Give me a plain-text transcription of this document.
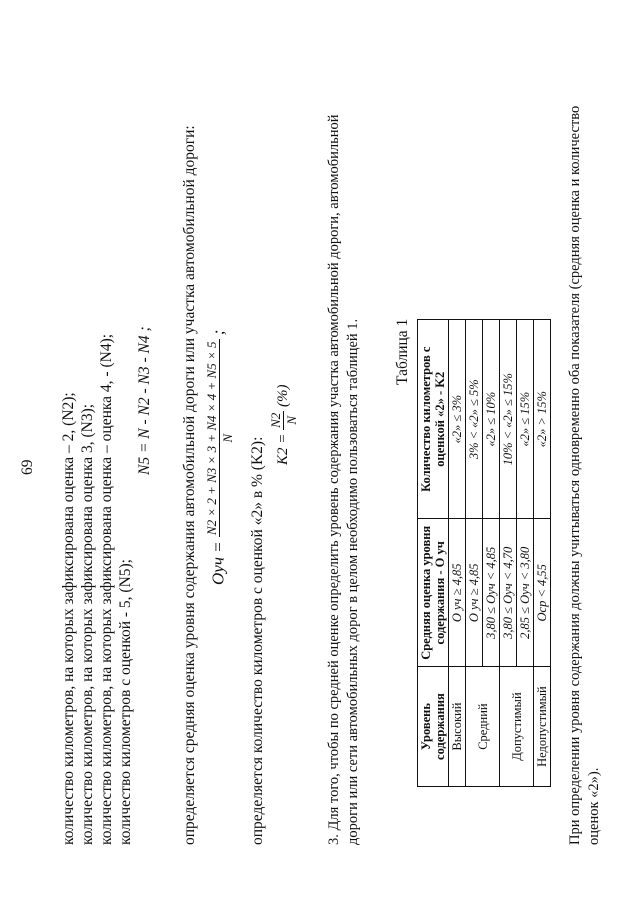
69 количество километров, на которых зафиксирована оценка – 2, (N2); количество километров, на которых зафиксирована оценка 3, (N3); количество километров, на которых зафиксирована оценка – оценка 4, - (N4); количество километров с оценкой - 5, (N5);
N5 = N - N2 - N3 - N4 ; определяется средняя оценка уровня содержания автомобильной дороги или участка автомобильной дороги: Oуч =
N2 × 2 + N3 × 3 + N4 × 4 + N5 × 5 N
;
определяется количество километров с оценкой «2» в % (K2): K2 =
N2 N
(%)	3. Для того, чтобы по средней оценке определить уровень содержания участка автомобильной дороги, автомобильной дороги или сети автомобильных дорог в целом необходимо пользоваться таблицей 1. Таблица 1
Уровень содержания	Средняя оценка уровня содержания - О уч	Количество километров с оценкой «2» - K2
Высокий	О уч ≥ 4,85	«2» ≤ 3%
Средний	О уч ≥ 4,85	3% < «2» ≤ 5%
	3,80 ≤ Оуч < 4,85	«2» ≤ 10%
Допустимый	3,80 ≤ Оуч < 4,70	10% < «2» ≤ 15%
	2,85 ≤ Оуч < 3,80	«2» ≤ 15%
Недопустимый	Оср < 4,55	«2» > 15% При определении уровня содержания должны учитываться одновременно оба показателя (средняя оценка и количество оценок «2»).
